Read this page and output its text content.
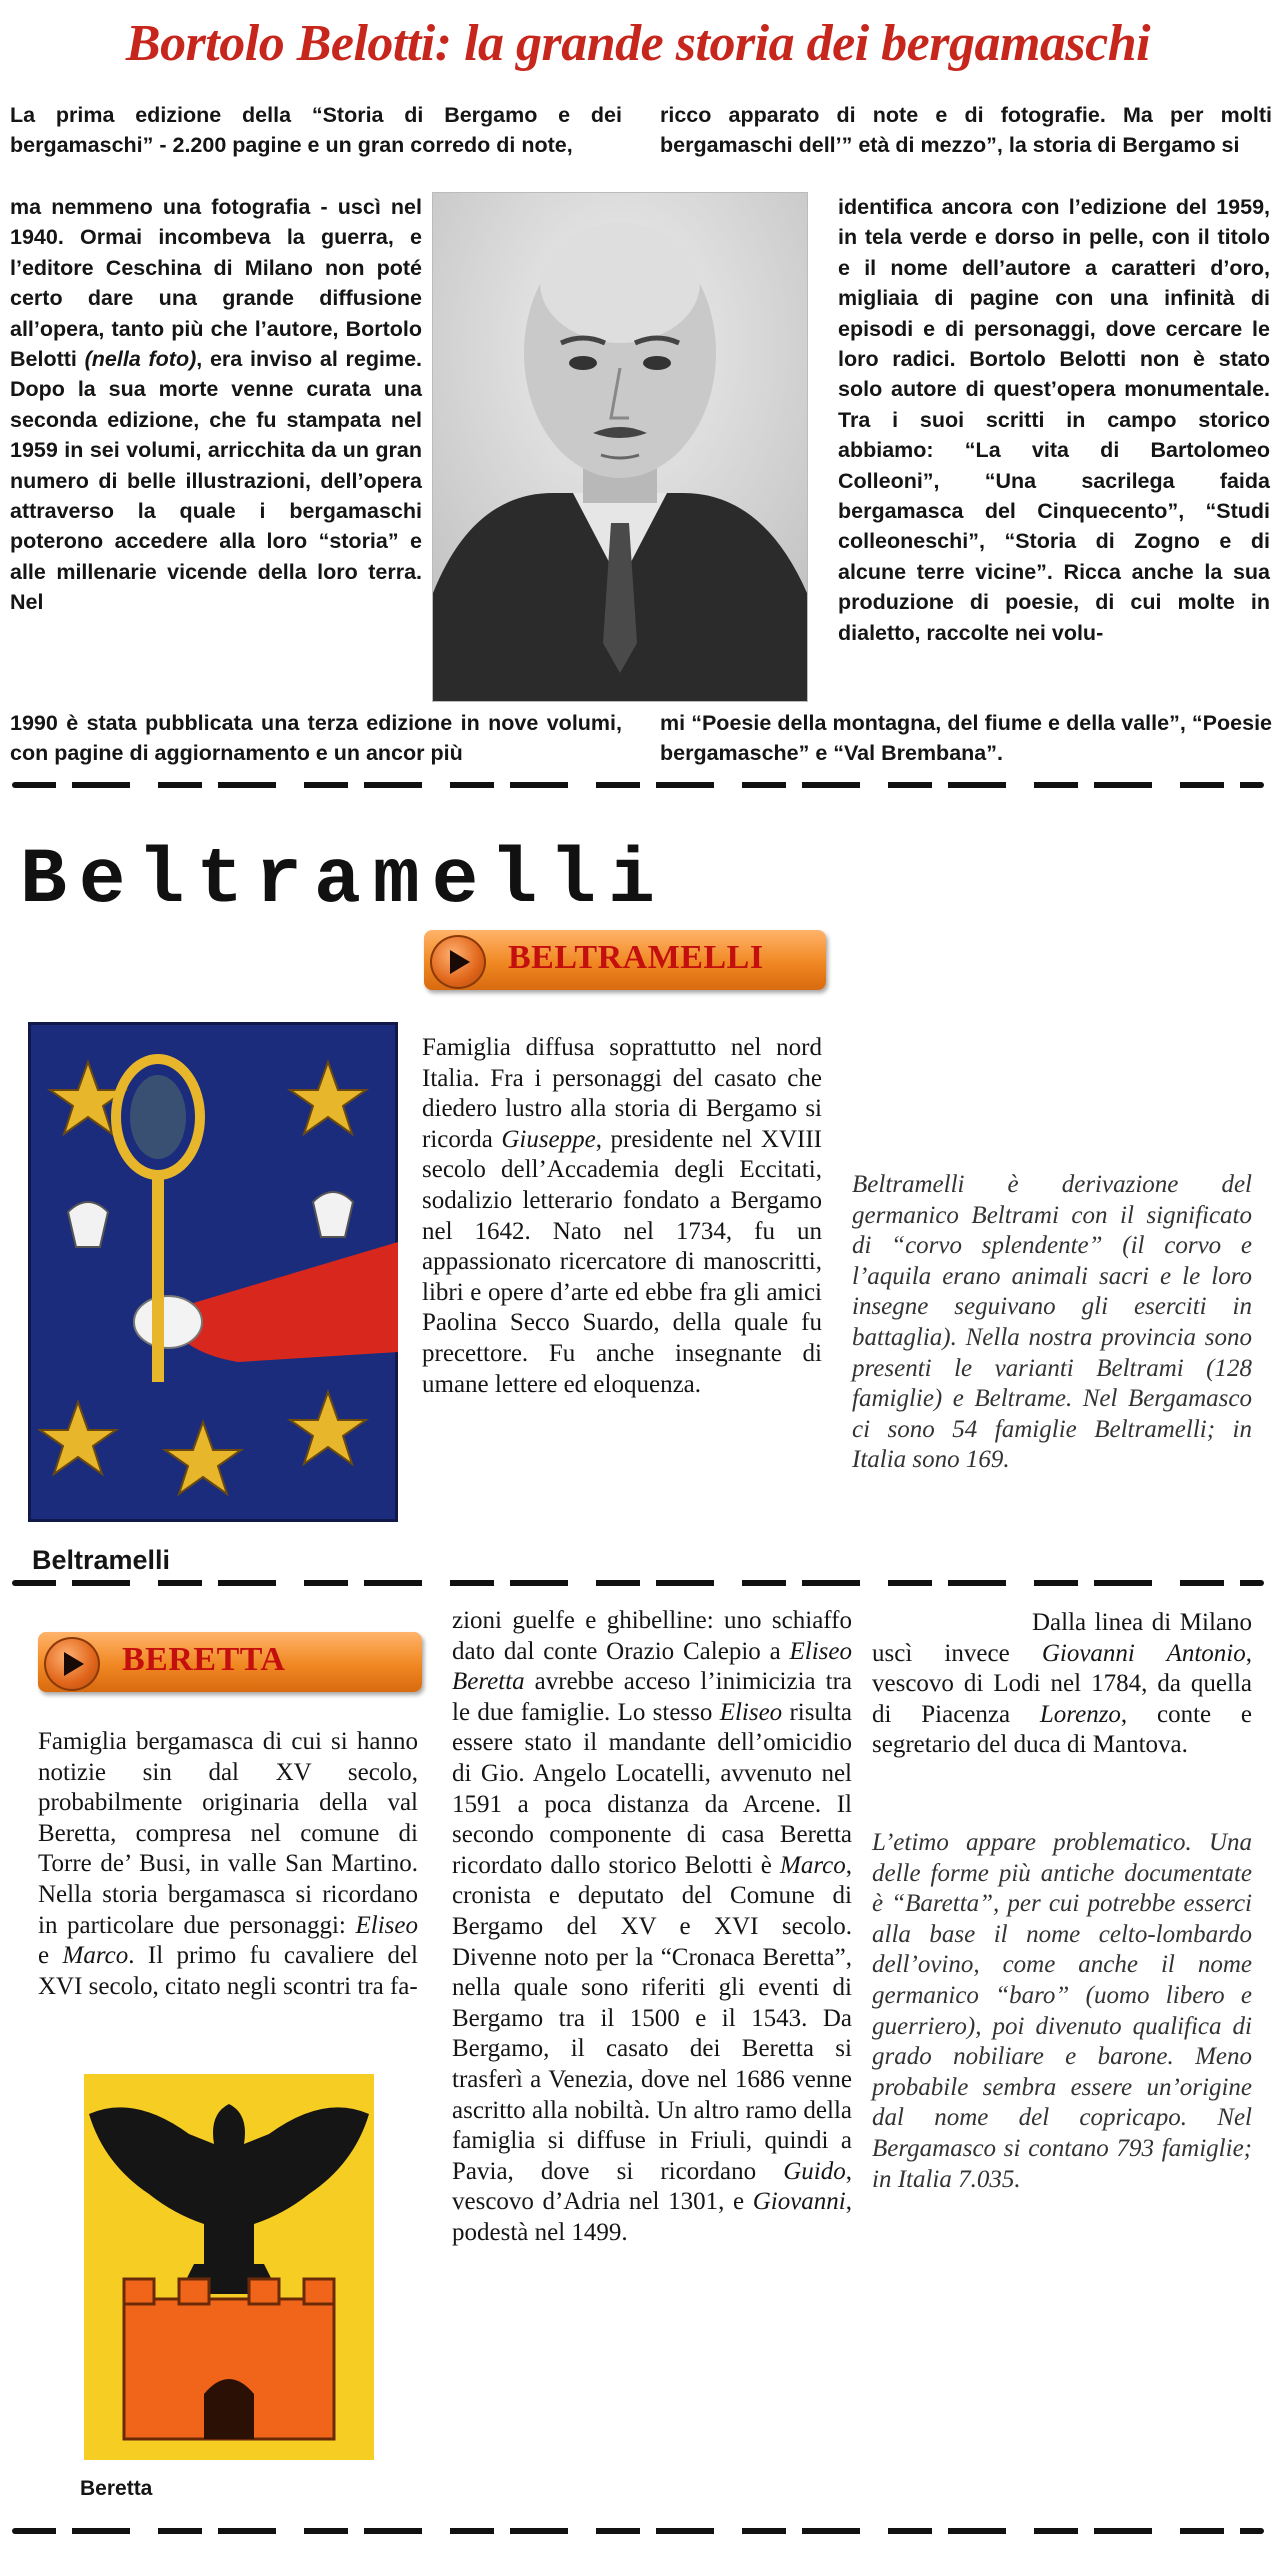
Bortolo Belotti: la grande storia dei bergamaschi

La prima edizione della “Storia di Bergamo e dei bergamaschi” - 2.200 pagine e un gran corredo di note,

ma nemmeno una fotografia - uscì nel 1940. Ormai incombeva la guerra, e l’editore Ceschina di Milano non poté certo dare una grande diffusione all’opera, tanto più che l’autore, Bortolo Belotti (nella foto), era inviso al regime. Dopo la sua morte venne curata una seconda edizione, che fu stampata nel 1959 in sei volumi, arricchita da un gran numero di belle illustrazioni, dell’opera attraverso la quale i bergamaschi poterono accedere alla loro “storia” e alle millenarie vicende della loro terra. Nel

1990 è stata pubblicata una terza edizione in nove volumi, con pagine di aggiornamento e un ancor più

ricco apparato di note e di fotografie. Ma per molti bergamaschi dell’” età di mezzo”, la storia di Bergamo si

identifica ancora con l’edizione del 1959, in tela verde e dorso in pelle, con il titolo e il nome dell’autore a caratteri d’oro, migliaia di pagine con una infinità di episodi e di personaggi, dove cercare le loro radici. Bortolo Belotti non è stato solo autore di quest’opera monumentale. Tra i suoi scritti in campo storico abbiamo: “La vita di Bartolomeo Colleoni”, “Una sacrilega faida bergamasca del Cinquecento”, “Studi colleoneschi”, “Storia di Zogno e di alcune terre vicine”. Ricca anche la sua produzione di poesie, di cui molte in dialetto, raccolte nei volu-

mi “Poesie della montagna, del fiume e della valle”, “Poesie bergamasche” e “Val Brembana”.

Beltramelli
BELTRAMELLI
Beltramelli

Famiglia diffusa soprattutto nel nord Italia. Fra i personaggi del casato che diedero lustro alla storia di Bergamo si ricorda Giuseppe, presidente nel XVIII secolo dell’Accademia degli Eccitati, sodalizio letterario fondato a Bergamo nel 1642. Nato nel 1734, fu un appassionato ricercatore di manoscritti, libri e opere d’arte ed ebbe fra gli amici Paolina Secco Suardo, della quale fu precettore. Fu anche insegnante di umane lettere ed eloquenza.

Beltramelli è derivazione del germanico Beltrami con il significato di “corvo splendente” (il corvo e l’aquila erano animali sacri e le loro insegne seguivano gli eserciti in battaglia). Nella nostra provincia sono presenti le varianti Beltrami (128 famiglie) e Beltrame. Nel Bergamasco ci sono 54 famiglie Beltramelli; in Italia sono 169.

BERETTA

Famiglia bergamasca di cui si hanno notizie sin dal XV secolo, probabilmente originaria della val Beretta, compresa nel comune di Torre de’ Busi, in valle San Martino. Nella storia bergamasca si ricordano in particolare due personaggi: Eliseo e Marco. Il primo fu cavaliere del XVI secolo, citato negli scontri tra fa-

Beretta

zioni guelfe e ghibelline: uno schiaffo dato dal conte Orazio Calepio a Eliseo Beretta avrebbe acceso l’inimicizia tra le due famiglie. Lo stesso Eliseo risulta essere stato il mandante dell’omicidio di Gio. Angelo Locatelli, avvenuto nel 1591 a poca distanza da Arcene. Il secondo componente di casa Beretta ricordato dallo storico Belotti è Marco, cronista e deputato del Comune di Bergamo del XV e XVI secolo. Divenne noto per la “Cronaca Beretta”, nella quale sono riferiti gli eventi di Bergamo tra il 1500 e il 1543. Da Bergamo, il casato dei Beretta si trasferì a Venezia, dove nel 1686 venne ascritto alla nobiltà. Un altro ramo della famiglia si diffuse in Friuli, quindi a Pavia, dove si ricordano Guido, vescovo d’Adria nel 1301, e Giovanni, podestà nel 1499.

Dalla linea di Milano uscì invece Giovanni Antonio, vescovo di Lodi nel 1784, da quella di Piacenza Lorenzo, conte e segretario del duca di Mantova.

L’etimo appare problematico. Una delle forme più antiche documentate è “Baretta”, per cui potrebbe esserci alla base il nome celto-lombardo dell’ovino, come anche il nome germanico “baro” (uomo libero e guerriero), poi divenuto qualifica di grado nobiliare e barone. Meno probabile sembra essere un’origine dal nome del copricapo. Nel Bergamasco si contano 793 famiglie; in Italia 7.035.
